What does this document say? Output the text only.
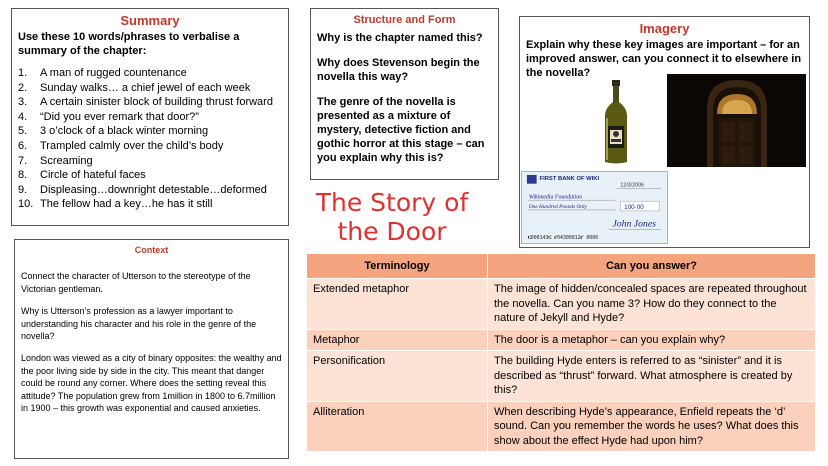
Summary

Use these 10 words/phrases to verbalise a summary of the chapter:

1.	A man of rugged countenance
2.	Sunday walks… a chief jewel of each week
3.	A certain sinister block of building thrust forward
4.	“Did you ever remark that door?”
5.	3 o’clock of a black winter morning
6.	Trampled calmly over the child’s body
7.	Screaming
8.	Circle of hateful faces
9.	Displeasing…downright detestable…deformed
10. The fellow had a key…he has it still

Structure and Form

Why is the chapter named this?

Why does Stevenson begin the novella this way?

The genre of the novella is presented as a mixture of mystery, detective fiction and gothic horror at this stage – can you explain why this is?

Imagery

Explain why these key images are important – for an improved answer, can you connect it to elsewhere in the novella?

FIRST BANK OF WIKI
12/3/2006
Wikimedia Foundation
One Hundred Pounds Only	100·00
John Jones
⑆000143⑆ ⑈04300012⑈ 0000

Context

Connect the character of Utterson to the stereotype of the Victorian gentleman.

Why is Utterson’s profession as a lawyer important to understanding his character and his role in the genre of the novella?

London was viewed as a city of binary opposites: the wealthy and the poor living side by side in the city. This meant that danger could be round any corner. Where does the setting reveal this attitude? The population grew from 1million in 1800 to 6.7million in 1900 – this growth was exponential and caused anxieties.

The Story of
the Door
Terminology	Can you answer?
Extended metaphor	The image of hidden/concealed spaces are repeated throughout the novella. Can you name 3? How do they connect to the nature of Jekyll and Hyde?
Metaphor	The door is a metaphor – can you explain why?
Personification	The building Hyde enters is referred to as “sinister” and it is described as “thrust” forward. What atmosphere is created by this?
Alliteration	When describing Hyde’s appearance, Enfield repeats the ‘d’ sound. Can you remember the words he uses? What does this show about the effect Hyde had upon him?
